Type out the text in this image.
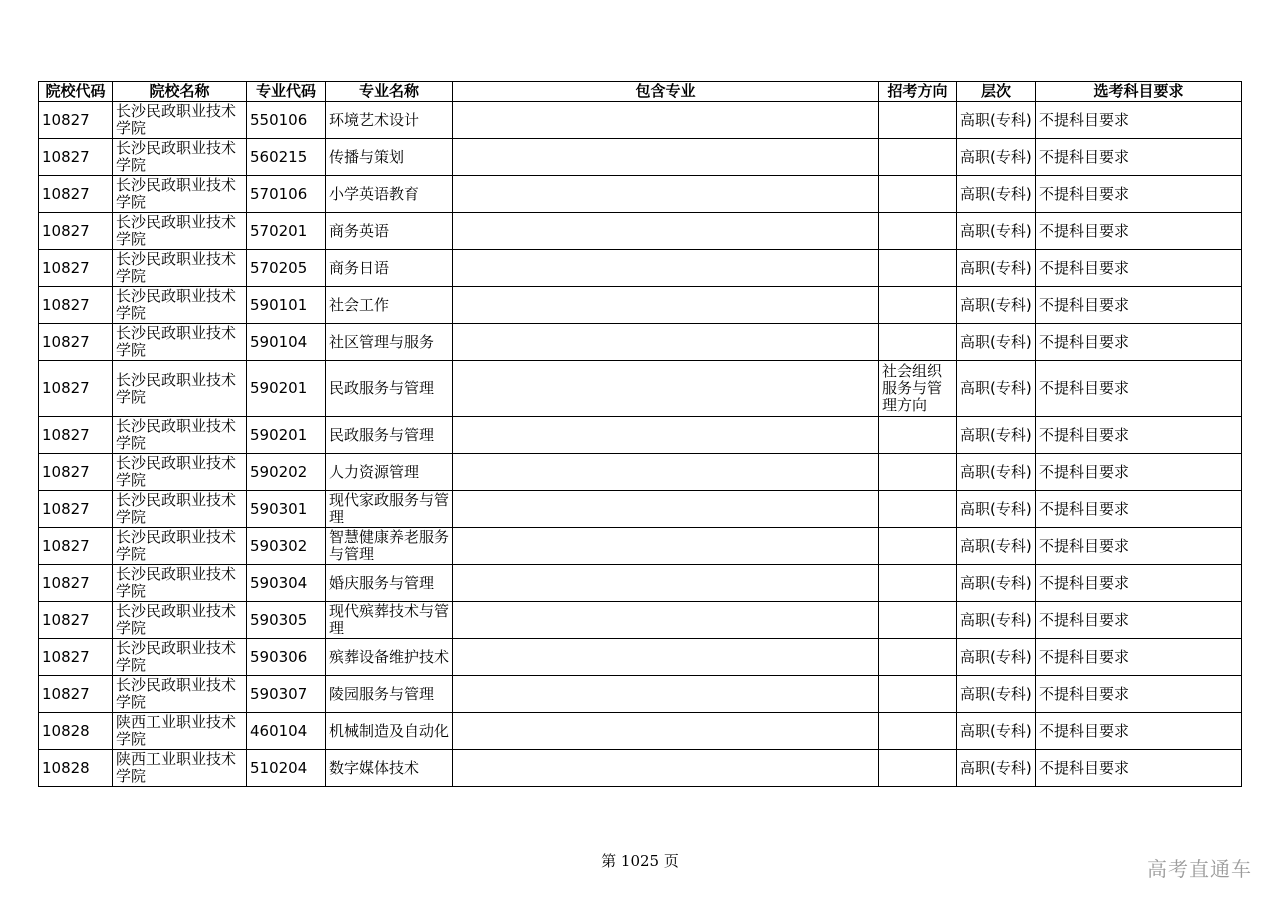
院校代码	院校名称	专业代码	专业名称	包含专业	招考方向	层次	选考科目要求
10827	长沙民政职业技术学院	550106	环境艺术设计			高职(专科)	不提科目要求
10827	长沙民政职业技术学院	560215	传播与策划			高职(专科)	不提科目要求
10827	长沙民政职业技术学院	570106	小学英语教育			高职(专科)	不提科目要求
10827	长沙民政职业技术学院	570201	商务英语			高职(专科)	不提科目要求
10827	长沙民政职业技术学院	570205	商务日语			高职(专科)	不提科目要求
10827	长沙民政职业技术学院	590101	社会工作			高职(专科)	不提科目要求
10827	长沙民政职业技术学院	590104	社区管理与服务			高职(专科)	不提科目要求
10827	长沙民政职业技术学院	590201	民政服务与管理		社会组织服务与管理方向	高职(专科)	不提科目要求
10827	长沙民政职业技术学院	590201	民政服务与管理			高职(专科)	不提科目要求
10827	长沙民政职业技术学院	590202	人力资源管理			高职(专科)	不提科目要求
10827	长沙民政职业技术学院	590301	现代家政服务与管理			高职(专科)	不提科目要求
10827	长沙民政职业技术学院	590302	智慧健康养老服务与管理			高职(专科)	不提科目要求
10827	长沙民政职业技术学院	590304	婚庆服务与管理			高职(专科)	不提科目要求
10827	长沙民政职业技术学院	590305	现代殡葬技术与管理			高职(专科)	不提科目要求
10827	长沙民政职业技术学院	590306	殡葬设备维护技术			高职(专科)	不提科目要求
10827	长沙民政职业技术学院	590307	陵园服务与管理			高职(专科)	不提科目要求
10828	陕西工业职业技术学院	460104	机械制造及自动化			高职(专科)	不提科目要求
10828	陕西工业职业技术学院	510204	数字媒体技术			高职(专科)	不提科目要求
第 1025 页	高考直通车
